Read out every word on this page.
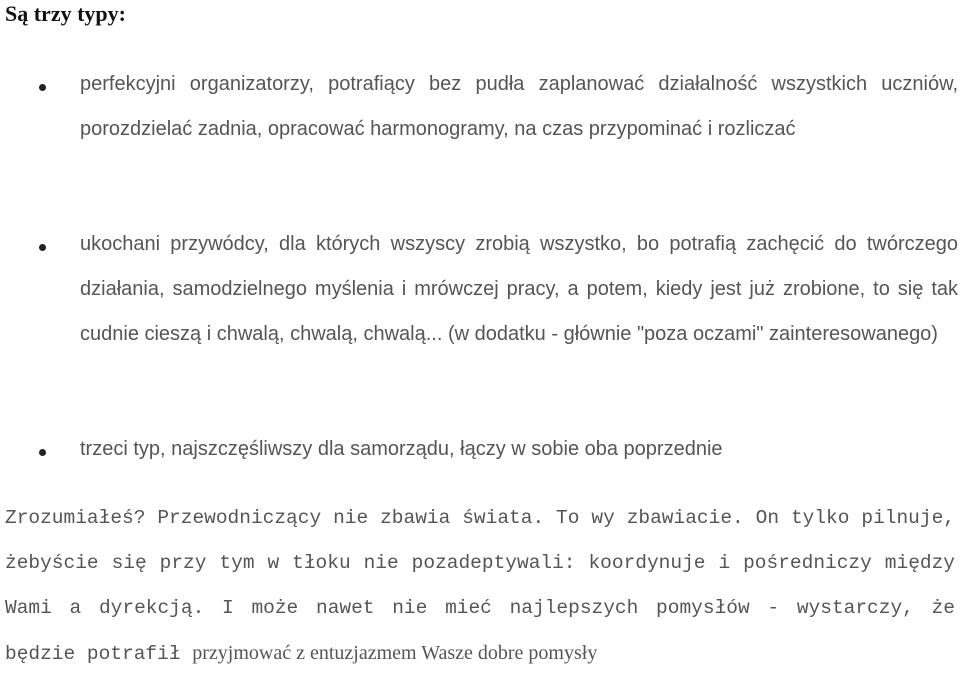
Są trzy typy:
perfekcyjni organizatorzy, potrafiący bez pudła zaplanować działalność wszystkich uczniów, porozdzielać zadnia, opracować harmonogramy, na czas przypominać i rozliczać
ukochani przywódcy, dla których wszyscy zrobią wszystko, bo potrafią zachęcić do twórczego działania, samodzielnego myślenia i mrówczej pracy, a potem, kiedy jest już zrobione, to się tak cudnie cieszą i chwalą, chwalą, chwalą... (w dodatku - głównie "poza oczami" zainteresowanego)
trzeci typ, najszczęśliwszy dla samorządu, łączy w sobie oba poprzednie
Zrozumiałeś? Przewodniczący nie zbawia świata. To wy zbawiacie. On tylko pilnuje, żebyście się przy tym w tłoku nie pozadeptywali: koordynuje i pośredniczy między Wami a dyrekcją. I może nawet nie mieć najlepszych pomysłów - wystarczy, że będzie potrafił przyjmować z entuzjazmem Wasze dobre pomysły
